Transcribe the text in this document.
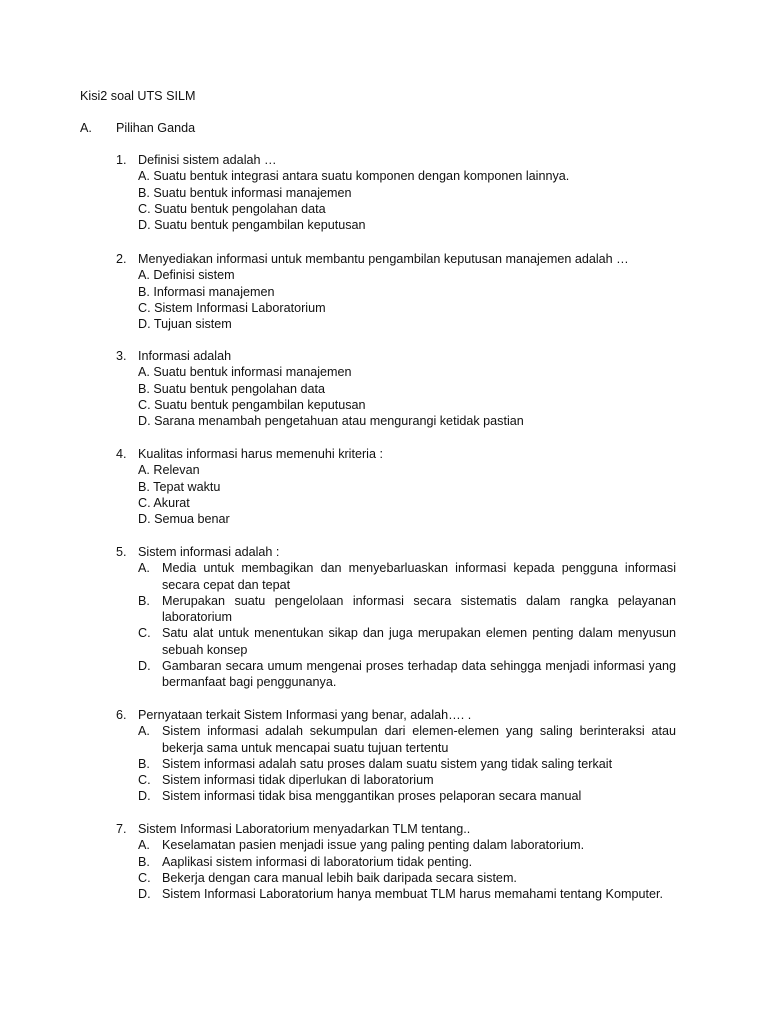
Kisi2 soal UTS SILM
A. Pilihan Ganda
1. Definisi sistem adalah …
A. Suatu bentuk integrasi antara suatu komponen dengan komponen lainnya.
B. Suatu bentuk informasi manajemen
C. Suatu bentuk pengolahan data
D. Suatu bentuk pengambilan keputusan
2. Menyediakan informasi untuk membantu pengambilan keputusan manajemen adalah …
A. Definisi sistem
B. Informasi manajemen
C. Sistem Informasi Laboratorium
D. Tujuan sistem
3. Informasi adalah
A. Suatu bentuk informasi manajemen
B. Suatu bentuk pengolahan data
C. Suatu bentuk pengambilan keputusan
D. Sarana menambah pengetahuan atau mengurangi ketidak pastian
4. Kualitas informasi harus memenuhi kriteria :
A. Relevan
B. Tepat waktu
C. Akurat
D. Semua benar
5. Sistem informasi adalah :
A. Media untuk membagikan dan menyebarluaskan informasi kepada pengguna informasi secara cepat dan tepat
B. Merupakan suatu pengelolaan informasi secara sistematis dalam rangka pelayanan laboratorium
C. Satu alat untuk menentukan sikap dan juga merupakan elemen penting dalam menyusun sebuah konsep
D. Gambaran secara umum mengenai proses terhadap data sehingga menjadi informasi yang bermanfaat bagi penggunanya.
6. Pernyataan terkait Sistem Informasi yang benar, adalah…. .
A. Sistem informasi adalah sekumpulan dari elemen-elemen yang saling berinteraksi atau bekerja sama untuk mencapai suatu tujuan tertentu
B. Sistem informasi adalah satu proses dalam suatu sistem yang tidak saling terkait
C. Sistem informasi tidak diperlukan di laboratorium
D. Sistem informasi tidak bisa menggantikan proses pelaporan secara manual
7. Sistem Informasi Laboratorium menyadarkan TLM tentang..
A. Keselamatan pasien menjadi issue yang paling penting dalam laboratorium.
B. Aaplikasi sistem informasi di laboratorium tidak penting.
C. Bekerja dengan cara manual lebih baik daripada secara sistem.
D. Sistem Informasi Laboratorium hanya membuat TLM harus memahami tentang Komputer.
